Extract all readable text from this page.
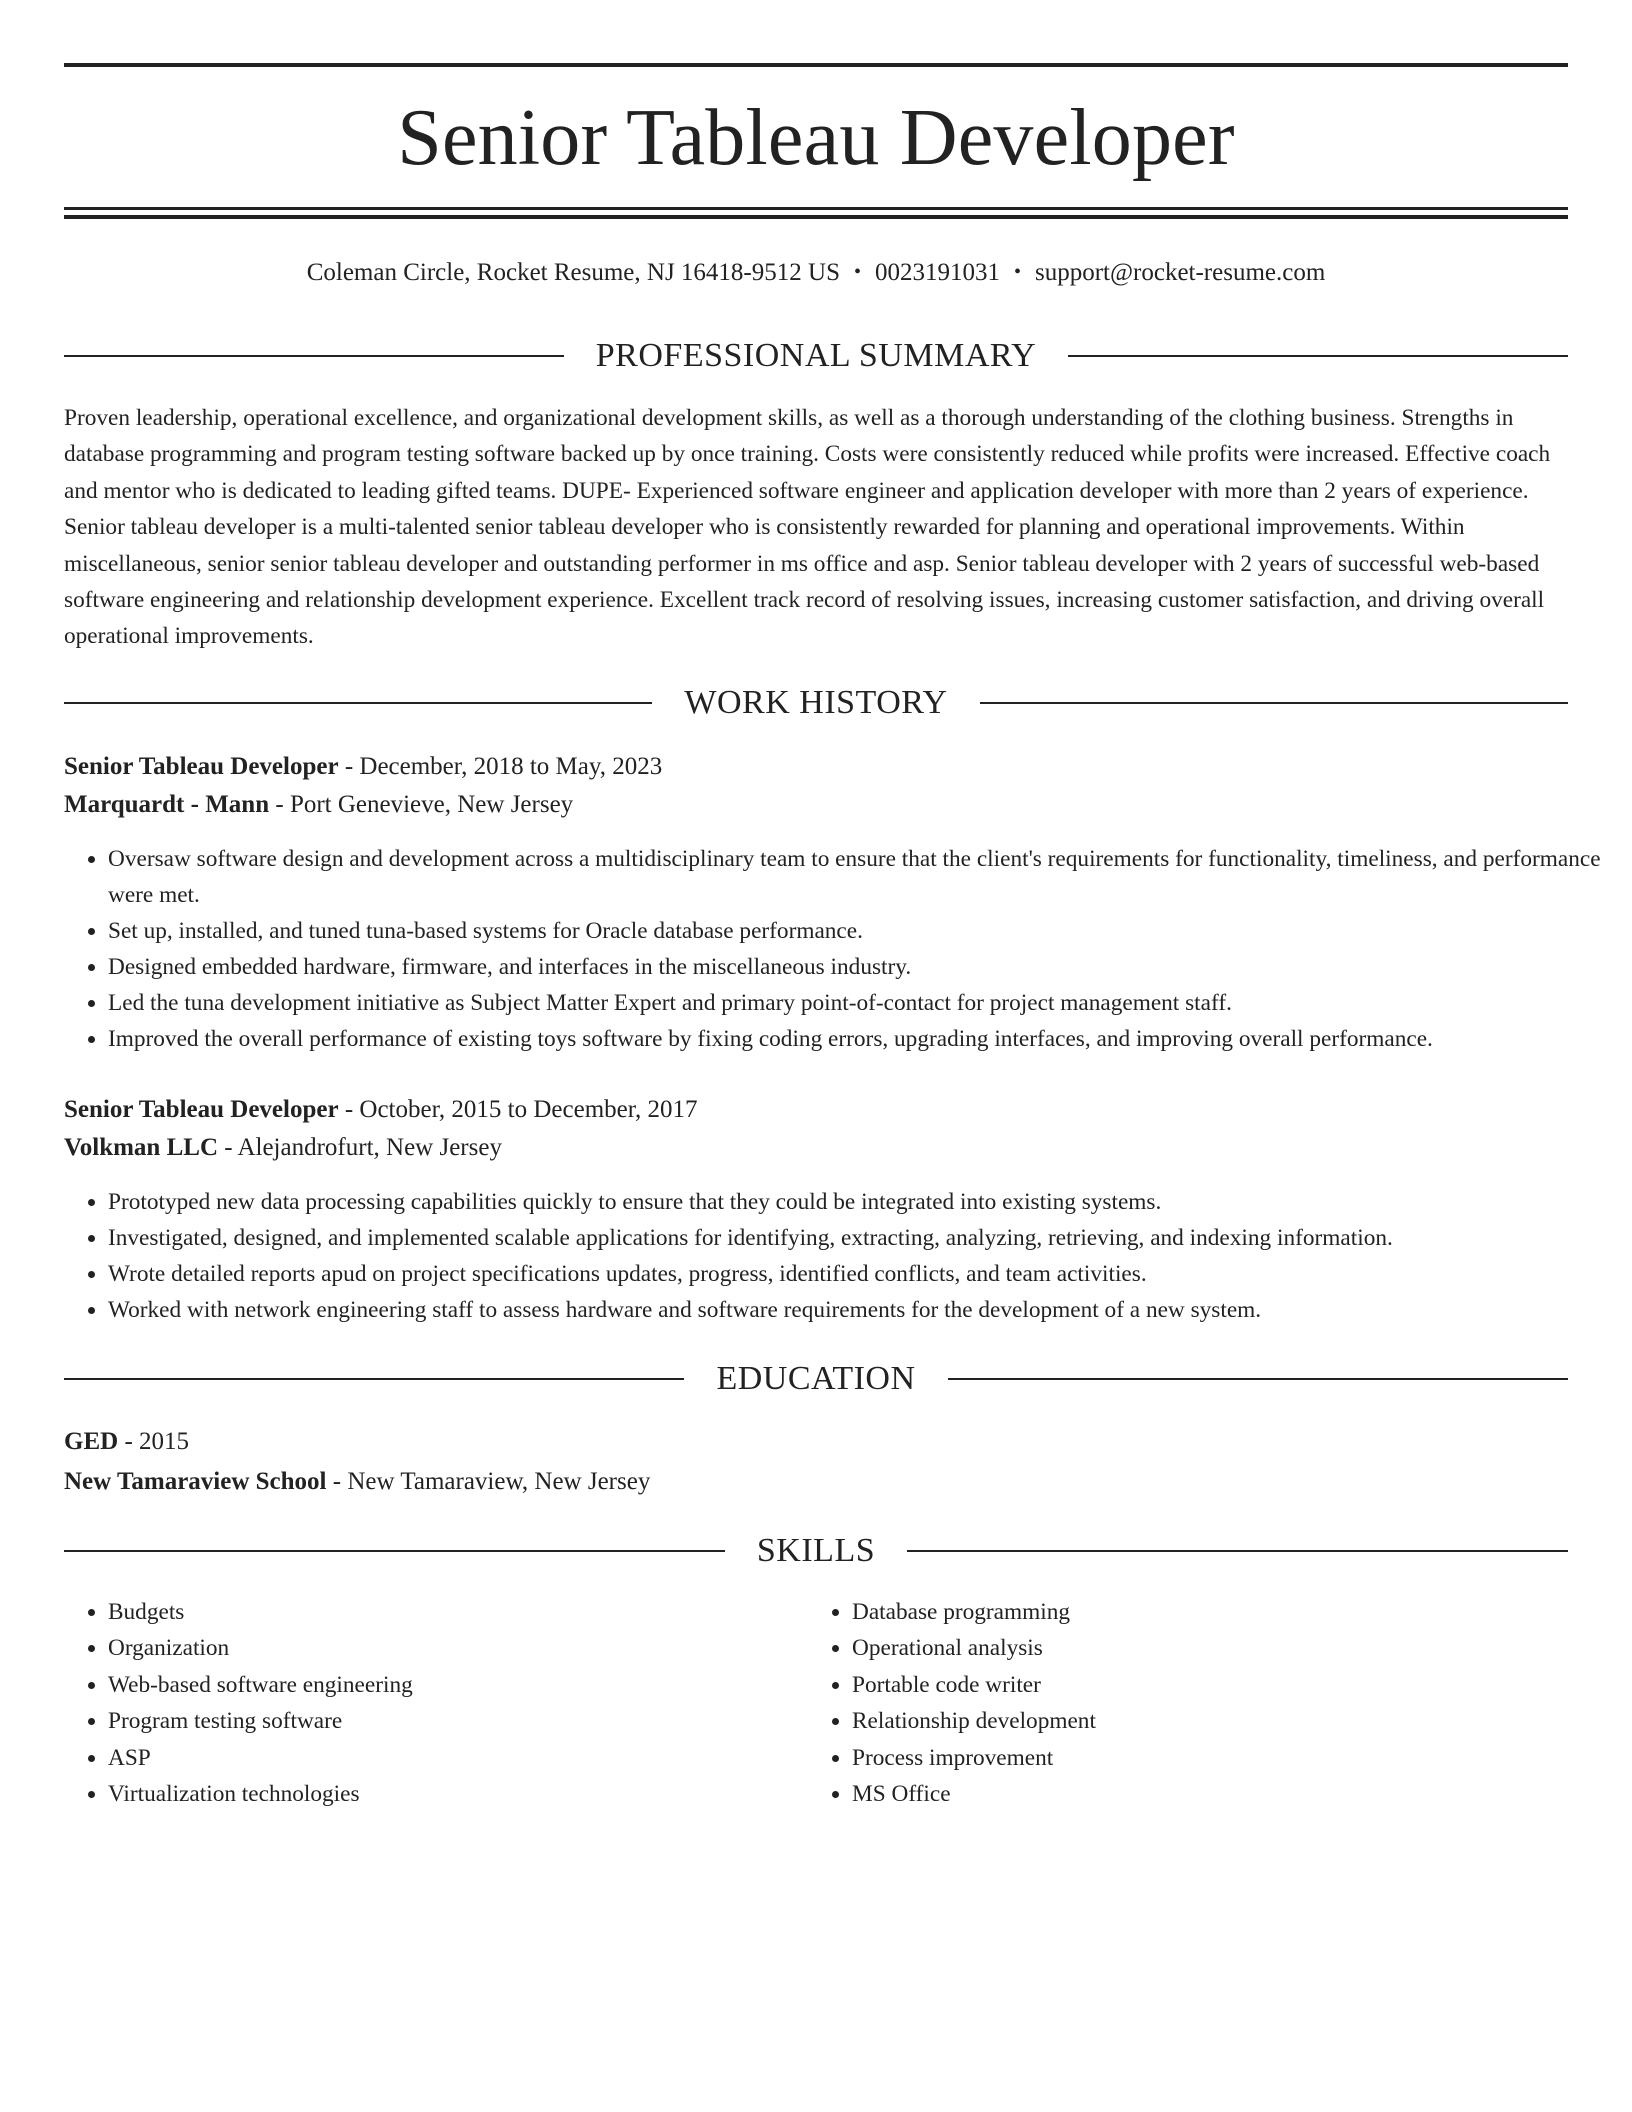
Senior Tableau Developer
Coleman Circle, Rocket Resume, NJ 16418-9512 US • 0023191031 • support@rocket-resume.com
PROFESSIONAL SUMMARY

Proven leadership, operational excellence, and organizational development skills, as well as a thorough understanding of the clothing business. Strengths in database programming and program testing software backed up by once training. Costs were consistently reduced while profits were increased. Effective coach and mentor who is dedicated to leading gifted teams. DUPE- Experienced software engineer and application developer with more than 2 years of experience. Senior tableau developer is a multi-talented senior tableau developer who is consistently rewarded for planning and operational improvements. Within miscellaneous, senior senior tableau developer and outstanding performer in ms office and asp. Senior tableau developer with 2 years of successful web-based software engineering and relationship development experience. Excellent track record of resolving issues, increasing customer satisfaction, and driving overall operational improvements.

WORK HISTORY
Senior Tableau Developer - December, 2018 to May, 2023
Marquardt - Mann - Port Genevieve, New Jersey
• Oversaw software design and development across a multidisciplinary team to ensure that the client's requirements for functionality, timeliness, and performance were met.
• Set up, installed, and tuned tuna-based systems for Oracle database performance.
• Designed embedded hardware, firmware, and interfaces in the miscellaneous industry.
• Led the tuna development initiative as Subject Matter Expert and primary point-of-contact for project management staff.
• Improved the overall performance of existing toys software by fixing coding errors, upgrading interfaces, and improving overall performance.
Senior Tableau Developer - October, 2015 to December, 2017
Volkman LLC - Alejandrofurt, New Jersey
• Prototyped new data processing capabilities quickly to ensure that they could be integrated into existing systems.
• Investigated, designed, and implemented scalable applications for identifying, extracting, analyzing, retrieving, and indexing information.
• Wrote detailed reports apud on project specifications updates, progress, identified conflicts, and team activities.
• Worked with network engineering staff to assess hardware and software requirements for the development of a new system.
EDUCATION
GED - 2015
New Tamaraview School - New Tamaraview, New Jersey
SKILLS
• Budgets
• Organization
• Web-based software engineering
• Program testing software
• ASP
• Virtualization technologies
• Database programming
• Operational analysis
• Portable code writer
• Relationship development
• Process improvement
• MS Office
